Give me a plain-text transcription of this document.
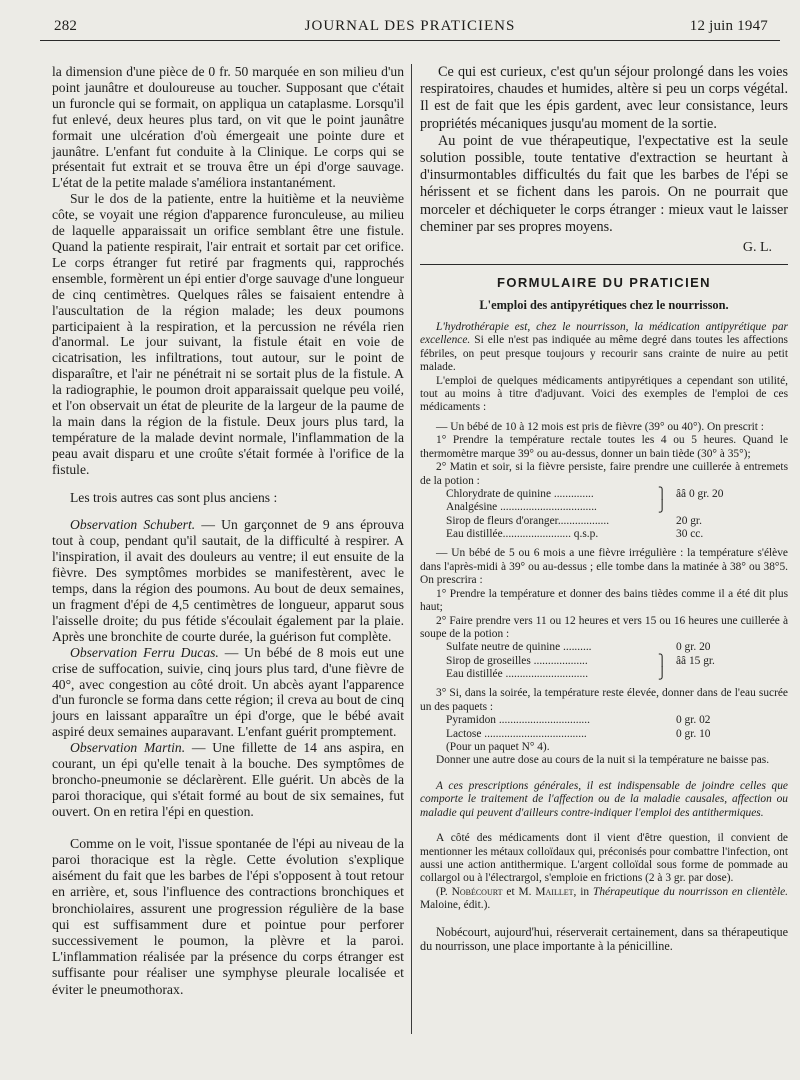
282	JOURNAL DES PRATICIENS	12 juin 1947

la dimension d'une pièce de 0 fr. 50 marquée en son milieu d'un point jaunâtre et douloureuse au toucher. Supposant que c'était un furoncle qui se formait, on appliqua un cataplasme. Lorsqu'il fut enlevé, deux heures plus tard, on vit que le point jaunâtre formait une ulcération d'où émergeait une pointe dure et jaunâtre. L'enfant fut conduite à la Clinique. Le corps qui se présentait fut extrait et se trouva être un épi d'orge sauvage. L'état de la petite malade s'améliora instantanément.

Sur le dos de la patiente, entre la huitième et la neuvième côte, se voyait une région d'apparence furonculeuse, au milieu de laquelle apparaissait un orifice semblant être une fistule. Quand la patiente respirait, l'air entrait et sortait par cet orifice. Le corps étranger fut retiré par fragments qui, rapprochés ensemble, formèrent un épi entier d'orge sauvage d'une longueur de cinq centimètres. Quelques râles se faisaient entendre à l'auscultation de la région malade; les deux poumons participaient à la respiration, et la percussion ne révéla rien d'anormal. Le jour suivant, la fistule était en voie de cicatrisation, les infiltrations, tout autour, sur le point de disparaître, et l'air ne pénétrait ni se sortait plus de la fistule. A la radiographie, le poumon droit apparaissait quelque peu voilé, et l'on observait un état de pleurite de la largeur de la paume de la main dans la région de la fistule. Deux jours plus tard, la température de la malade devint normale, l'inflammation de la peau avait disparu et une croûte s'était formée à l'orifice de la fistule.

Les trois autres cas sont plus anciens :

Observation Schubert. — Un garçonnet de 9 ans éprouva tout à coup, pendant qu'il sautait, de la difficulté à respirer. A l'inspiration, il avait des douleurs au ventre; il eut ensuite de la fièvre. Des symptômes morbides se manifestèrent, avec le temps, dans la région des poumons. Au bout de deux semaines, un fragment d'épi de 4,5 centimètres de longueur, apparut sous l'aisselle droite; du pus fétide s'écoulait également par la plaie. Après une bronchite de courte durée, la guérison fut complète.

Observation Ferru Ducas. — Un bébé de 8 mois eut une crise de suffocation, suivie, cinq jours plus tard, d'une fièvre de 40°, avec congestion au côté droit. Un abcès ayant l'apparence d'un furoncle se forma dans cette région; il creva au bout de cinq jours en laissant apparaître un épi d'orge, que le bébé avait aspiré deux semaines auparavant. L'enfant guérit promptement.

Observation Martin. — Une fillette de 14 ans aspira, en courant, un épi qu'elle tenait à la bouche. Des symptômes de broncho-pneumonie se déclarèrent. Elle guérit. Un abcès de la paroi thoracique, qui s'était formé au bout de six semaines, fut ouvert. On en retira l'épi en question.

Comme on le voit, l'issue spontanée de l'épi au niveau de la paroi thoracique est la règle. Cette évolution s'explique aisément du fait que les barbes de l'épi s'opposent à tout retour en arrière, et, sous l'influence des contractions bronchiques et bronchiolaires, assurent une progression régulière de la base qui est suffisamment dure et pointue pour perforer successivement le poumon, la plèvre et la paroi. L'inflammation réalisée par la présence du corps étranger est suffisante pour réaliser une symphyse pleurale localisée et éviter le pneumothorax.

Ce qui est curieux, c'est qu'un séjour prolongé dans les voies respiratoires, chaudes et humides, altère si peu un corps végétal. Il est de fait que les épis gardent, avec leur consistance, leurs propriétés mécaniques jusqu'au moment de la sortie.

Au point de vue thérapeutique, l'expectative est la seule solution possible, toute tentative d'extraction se heurtant à d'insurmontables difficultés du fait que les barbes de l'épi se hérissent et se fichent dans les parois. On ne pourrait que morceler et déchiqueter le corps étranger : mieux vaut le laisser cheminer par ses propres moyens.

G. L.
FORMULAIRE DU PRATICIEN
L'emploi des antipyrétiques chez le nourrisson.

L'hydrothérapie est, chez le nourrisson, la médication antipyrétique par excellence. Si elle n'est pas indiquée au même degré dans toutes les affections fébriles, on peut presque toujours y recourir sans crainte de nuire au petit malade.

L'emploi de quelques médicaments antipyrétiques a cependant son utilité, tout au moins à titre d'adjuvant. Voici des exemples de l'emploi de ces médicaments :

— Un bébé de 10 à 12 mois est pris de fièvre (39° ou 40°). On prescrit :

1° Prendre la température rectale toutes les 4 ou 5 heures. Quand le thermomètre marque 39° ou au-dessus, donner un bain tiède (30° à 35°);

2° Matin et soir, si la fièvre persiste, faire prendre une cuillerée à entremets de la potion :

Chlorydrate de quinine ..............	⎫ ââ 0 gr. 20
Analgésine ..................................	⎭
Sirop de fleurs d'oranger..................	20 gr.
Eau distillée........................ q.s.p.	30 cc.

— Un bébé de 5 ou 6 mois a une fièvre irrégulière : la température s'élève dans l'après-midi à 39° ou au-dessus ; elle tombe dans la matinée à 38° ou 38°5. On prescrira :

1° Prendre la température et donner des bains tièdes comme il a été dit plus haut;

2° Faire prendre vers 11 ou 12 heures et vers 15 ou 16 heures une cuillerée à soupe de la potion :

Sulfate neutre de quinine ..........	0 gr. 20
Sirop de groseilles ...................	⎫ ââ 15 gr.
Eau distillée .............................	⎭

3° Si, dans la soirée, la température reste élevée, donner dans de l'eau sucrée un des paquets :

Pyramidon ................................	0 gr. 02
Lactose ....................................	0 gr. 10
(Pour un paquet N° 4).

Donner une autre dose au cours de la nuit si la température ne baisse pas.

A ces prescriptions générales, il est indispensable de joindre celles que comporte le traitement de l'affection ou de la maladie causales, affection ou maladie qui peuvent d'ailleurs contre-indiquer l'emploi des antithermiques.

A côté des médicaments dont il vient d'être question, il convient de mentionner les métaux colloïdaux qui, préconisés pour combattre l'infection, ont aussi une action antithermique. L'argent colloïdal sous forme de pommade au collargol ou à l'électrargol, s'emploie en frictions (2 à 3 gr. par dose).

(P. Nobécourt et M. Maillet, in Thérapeutique du nourrisson en clientèle. Maloine, édit.).

Nobécourt, aujourd'hui, réserverait certainement, dans sa thérapeutique du nourrisson, une place importante à la pénicilline.
